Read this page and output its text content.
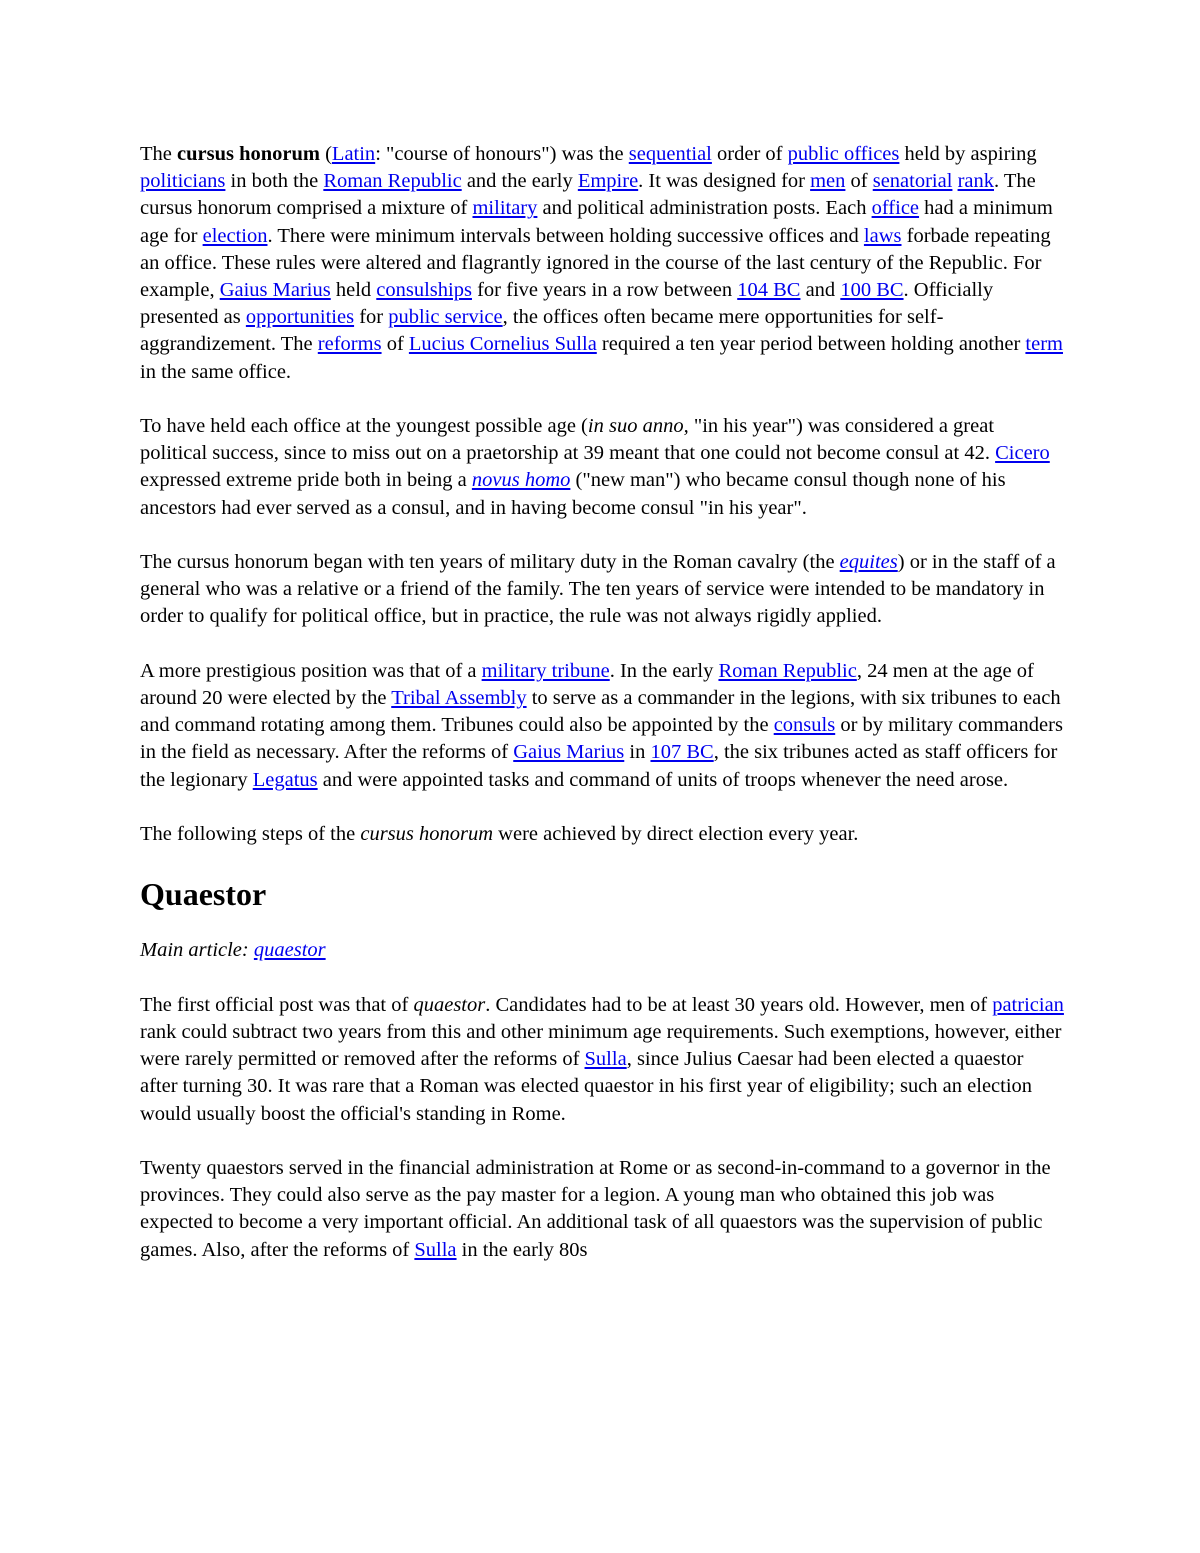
The cursus honorum (Latin: "course of honours") was the sequential order of public offices held by aspiring politicians in both the Roman Republic and the early Empire. It was designed for men of senatorial rank. The cursus honorum comprised a mixture of military and political administration posts. Each office had a minimum age for election. There were minimum intervals between holding successive offices and laws forbade repeating an office. These rules were altered and flagrantly ignored in the course of the last century of the Republic. For example, Gaius Marius held consulships for five years in a row between 104 BC and 100 BC. Officially presented as opportunities for public service, the offices often became mere opportunities for self-aggrandizement. The reforms of Lucius Cornelius Sulla required a ten year period between holding another term in the same office.

To have held each office at the youngest possible age (in suo anno, "in his year") was considered a great political success, since to miss out on a praetorship at 39 meant that one could not become consul at 42. Cicero expressed extreme pride both in being a novus homo ("new man") who became consul though none of his ancestors had ever served as a consul, and in having become consul "in his year".

The cursus honorum began with ten years of military duty in the Roman cavalry (the equites) or in the staff of a general who was a relative or a friend of the family. The ten years of service were intended to be mandatory in order to qualify for political office, but in practice, the rule was not always rigidly applied.

A more prestigious position was that of a military tribune. In the early Roman Republic, 24 men at the age of around 20 were elected by the Tribal Assembly to serve as a commander in the legions, with six tribunes to each and command rotating among them. Tribunes could also be appointed by the consuls or by military commanders in the field as necessary. After the reforms of Gaius Marius in 107 BC, the six tribunes acted as staff officers for the legionary Legatus and were appointed tasks and command of units of troops whenever the need arose.

The following steps of the cursus honorum were achieved by direct election every year.

Quaestor

Main article: quaestor

The first official post was that of quaestor. Candidates had to be at least 30 years old. However, men of patrician rank could subtract two years from this and other minimum age requirements. Such exemptions, however, either were rarely permitted or removed after the reforms of Sulla, since Julius Caesar had been elected a quaestor after turning 30. It was rare that a Roman was elected quaestor in his first year of eligibility; such an election would usually boost the official's standing in Rome.

Twenty quaestors served in the financial administration at Rome or as second-in-command to a governor in the provinces. They could also serve as the pay master for a legion. A young man who obtained this job was expected to become a very important official. An additional task of all quaestors was the supervision of public games. Also, after the reforms of Sulla in the early 80s
